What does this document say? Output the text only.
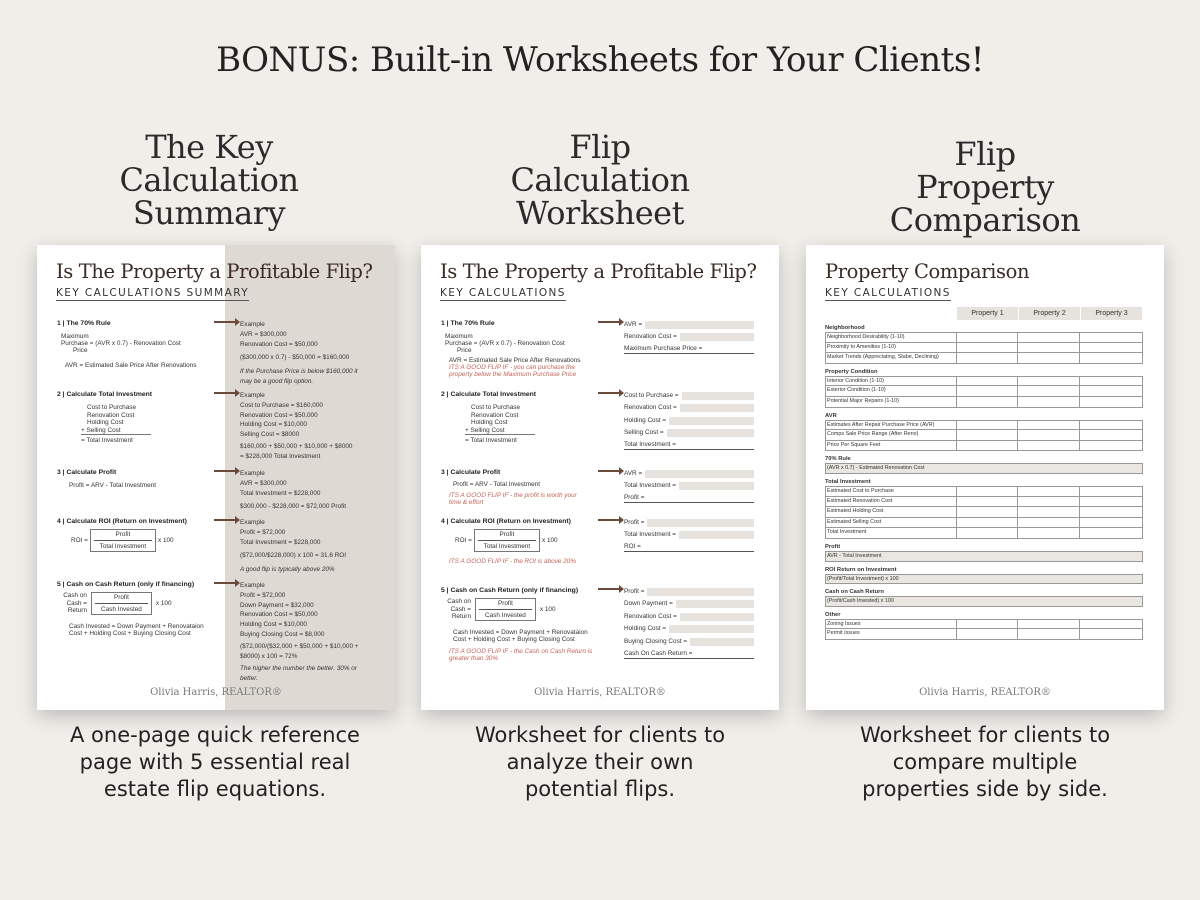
BONUS: Built-in Worksheets for Your Clients!
The Key
Calculation
Summary
Flip
Calculation
Worksheet
Flip
Property
Comparison
Is The Property a Profitable Flip?
KEY CALCULATIONS SUMMARY
1 | The 70% Rule
Maximum
Purchase = (AVR x 0.7) - Renovation Cost
Price
AVR = Estimated Sale Price After Renovations
Example
AVR = $300,000
Renovation Cost = $50,000
($300,000 x 0.7) - $50,000 = $160,000
If the Purchase Price is below $160,000 it
may be a good flip option.
2 | Calculate Total Investment
Cost to Purchase
Renovation Cost
Holding Cost
+ Selling Cost
= Total Investment
Example
Cost to Purchase = $160,000
Renovation Cost = $50,000
Holding Cost = $10,000
Selling Cost = $8000
$160,000 + $50,000 + $10,000 + $8000
= $228,000 Total Investment
3 | Calculate Profit
Profit = ARV - Total Investment
Example
AVR = $300,000
Total Investment = $228,000
$300,000 - $228,000 = $72,000 Profit
4 | Calculate ROI (Return on Investment)
ROI = $\frac{\text{Profit}}{\text{Total Investment}}$ x 100
Example
Profit = $72,000
Total Investment = $228,000
($72,000/$228,000) x 100 = 31.6 ROI
A good flip is typically above 20%
5 | Cash on Cash Return (only if financing)
Cash on
Cash =
Return $\frac{\text{Profit}}{\text{Cash Invested}}$ x 100
Cash Invested = Down Payment + Renovataion
Cost + Holding Cost + Buying Closing Cost
Example
Profit = $72,000
Down Payment = $32,000
Renovation Cost = $50,000
Holding Cost = $10,000
Buying Closing Cost = $8,000
($72,000/($32,000 + $50,000 + $10,000 +
$8000) x 100 = 72%
The higher the number the better. 30% or
better.
Olivia Harris, REALTOR®
Is The Property a Profitable Flip?
KEY CALCULATIONS
1 | The 70% Rule
Maximum
Purchase = (AVR x 0.7) - Renovation Cost
Price
AVR = Estimated Sale Price After Renovations
ITS A GOOD FLIP IF - you can purchase the
property below the Maximum Purchase Price
AVR =
Renovation Cost =
Maximum Purchase Price =
2 | Calculate Total Investment
Cost to Purchase
Renovation Cost
Holding Cost
+ Selling Cost
= Total Investment
Cost to Purchase =
Renovation Cost =
Holding Cost =
Selling Cost =
Total Investment =
3 | Calculate Profit
Profit = ARV - Total Investment
ITS A GOOD FLIP IF - the profit is worth your
time & effort
AVR =
Total Investment =
Profit =
4 | Calculate ROI (Return on Investment)
ROI = $\frac{\text{Profit}}{\text{Total Investment}}$ x 100
ITS A GOOD FLIP IF - the ROI is above 20%
Profit =
Total Investment =
ROI =
5 | Cash on Cash Return (only if financing)
Cash on
Cash =
Return $\frac{\text{Profit}}{\text{Cash Invested}}$ x 100
Cash Invested = Down Payment + Renovataion
Cost + Holding Cost + Buying Closing Cost
ITS A GOOD FLIP IF - the Cash on Cash Return is
greater than 30%
Profit =
Down Payment =
Renovation Cost =
Holding Cost =
Buying Closing Cost =
Cash On Cash Return =
Olivia Harris, REALTOR®
Property Comparison
KEY CALCULATIONS
Property 1	Property 2	Property 3
Neighborhood
Neighborhood Desirability (1-10)
Proximity to Amenities (1-10)
Market Trends (Appreciating, Stabe, Declining)
Property Condition
Interior Condition (1-10)
Exterior Condition (1-10)
Potential Major Repairs (1-10)
AVR
Estimates After Repair Purchase Price (AVR)
Comps Sale Price Range (After Reno)
Price Per Square Feet
70% Rule
(AVR x 0.7) - Estimated Renovation Cost
Total Investment
Estimated Cost to Purchase
Estimated Renovation Cost
Estimated Holding Cost
Estimated Selling Cost
Total Investment
Profit
AVR - Total Investment
ROI Return on Investment
(Profit/Total Investment) x 100
Cash on Cash Return
(Profit/Cash Invested) x 100
Other
Zoning Issues
Permit Issues
Olivia Harris, REALTOR®
A one-page quick reference
page with 5 essential real
estate flip equations.
Worksheet for clients to
analyze their own
potential flips.
Worksheet for clients to
compare multiple
properties side by side.
